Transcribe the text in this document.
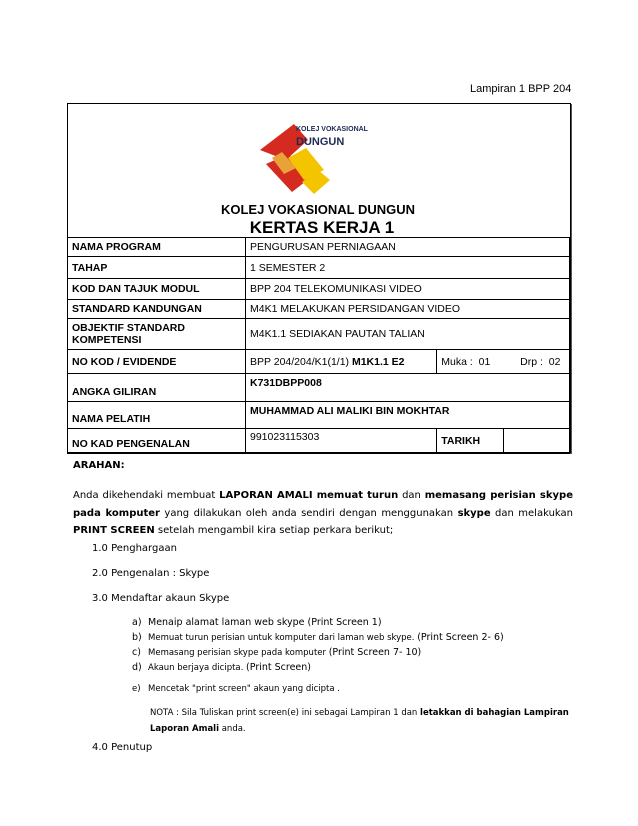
Lampiran 1 BPP 204
KOLEJ VOKASIONAL
DUNGUN
KOLEJ VOKASIONAL DUNGUN
KERTAS KERJA 1
NAMA PROGRAM	PENGURUSAN PERNIAGAAN		
TAHAP	1 SEMESTER 2		
KOD DAN TAJUK MODUL	BPP 204 TELEKOMUNIKASI VIDEO		
STANDARD KANDUNGAN	M4K1 MELAKUKAN PERSIDANGAN VIDEO		

OBJEKTIF STANDARD
KOMPETENSI	M4K1.1 SEDIAKAN PAUTAN TALIAN		
NO KOD / EVIDENDE	BPP 204/204/K1(1/1) M1K1.1 E2	Muka : 01 Drp : 02	
ANGKA GILIRAN	K731DBPP008		
NAMA PELATIH	MUHAMMAD ALI MALIKI BIN MOKHTAR		
NO KAD PENGENALAN	991023115303	TARIKH	
ARAHAN:
Anda dikehendaki membuat LAPORAN AMALI memuat turun dan memasang perisian skype pada komputer yang dilakukan oleh anda sendiri dengan menggunakan skype dan melakukan PRINT SCREEN setelah mengambil kira setiap perkara berikut;
1.0 Penghargaan
2.0 Pengenalan : Skype
3.0 Mendaftar akaun Skype
a) Menaip alamat laman web skype (Print Screen 1)
b) Memuat turun perisian untuk komputer dari laman web skype. (Print Screen 2- 6)
c) Memasang perisian skype pada komputer (Print Screen 7- 10)
d) Akaun berjaya dicipta. (Print Screen)
e) Mencetak "print screen" akaun yang dicipta .
NOTA : Sila Tuliskan print screen(e) ini sebagai Lampiran 1 dan letakkan di bahagian Lampiran Laporan Amali anda.
4.0 Penutup
